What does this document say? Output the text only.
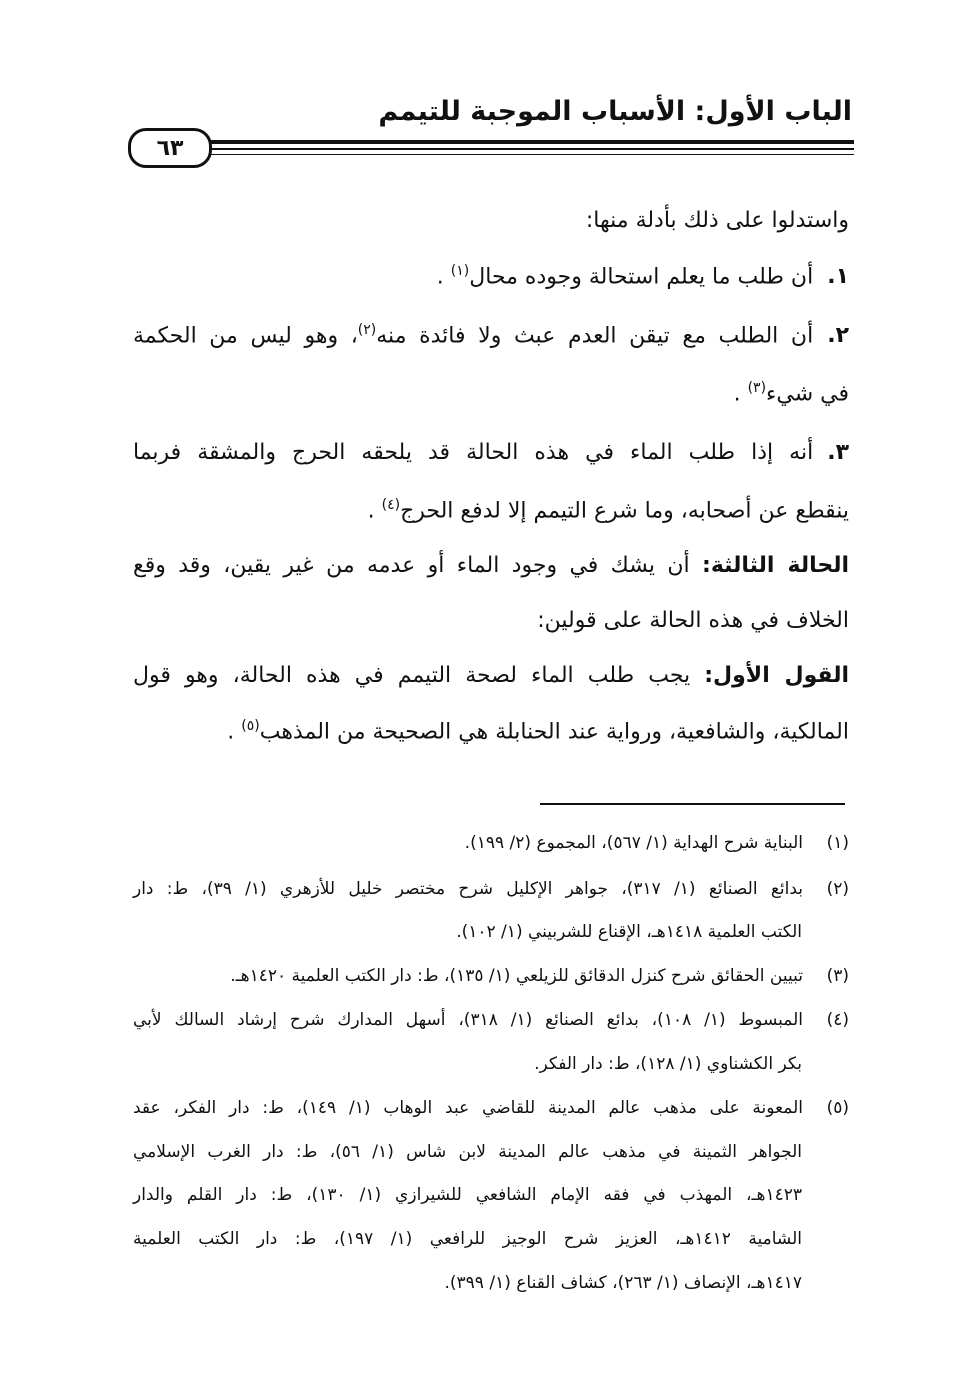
الباب الأول: الأسباب الموجبة للتيمم
٦٣
واستدلوا على ذلك بأدلة منها:
١.أن طلب ما يعلم استحالة وجوده محال$^{(١)}$ .
٢.أن الطلب مع تيقن العدم عبث ولا فائدة منه$^{(٢)}$، وهو ليس من الحكمة
في شيء$^{(٣)}$ .
٣.أنه إذا طلب الماء في هذه الحالة قد يلحقه الحرج والمشقة فربما
ينقطع عن أصحابه، وما شرع التيمم إلا لدفع الحرج$^{(٤)}$ .
الحالة الثالثة: أن يشك في وجود الماء أو عدمه من غير يقين، وقد وقع
الخلاف في هذه الحالة على قولين:
القول الأول: يجب طلب الماء لصحة التيمم في هذه الحالة، وهو قول
المالكية، والشافعية، ورواية عند الحنابلة هي الصحيحة من المذهب$^{(٥)}$ .
(١)البناية شرح الهداية (١/ ٥٦٧)، المجموع (٢/ ١٩٩).
(٢)بدائع الصنائع (١/ ٣١٧)، جواهر الإكليل شرح مختصر خليل للأزهري (١/ ٣٩)، ط: دار
الكتب العلمية ١٤١٨هـ، الإقناع للشربيني (١/ ١٠٢).
(٣)تبيين الحقائق شرح كنزل الدقائق للزيلعي (١/ ١٣٥)، ط: دار الكتب العلمية ١٤٢٠هـ.
(٤)المبسوط (١/ ١٠٨)، بدائع الصنائع (١/ ٣١٨)، أسهل المدارك شرح إرشاد السالك لأبي
بكر الكشناوي (١/ ١٢٨)، ط: دار الفكر.
(٥)المعونة على مذهب عالم المدينة للقاضي عبد الوهاب (١/ ١٤٩)، ط: دار الفكر، عقد
الجواهر الثمينة في مذهب عالم المدينة لابن شاس (١/ ٥٦)، ط: دار الغرب الإسلامي
١٤٢٣هـ، المهذب في فقه الإمام الشافعي للشيرازي (١/ ١٣٠)، ط: دار القلم والدار
الشامية ١٤١٢هـ، العزيز شرح الوجيز للرافعي (١/ ١٩٧)، ط: دار الكتب العلمية
١٤١٧هـ، الإنصاف (١/ ٢٦٣)، كشاف القناع (١/ ٣٩٩).
